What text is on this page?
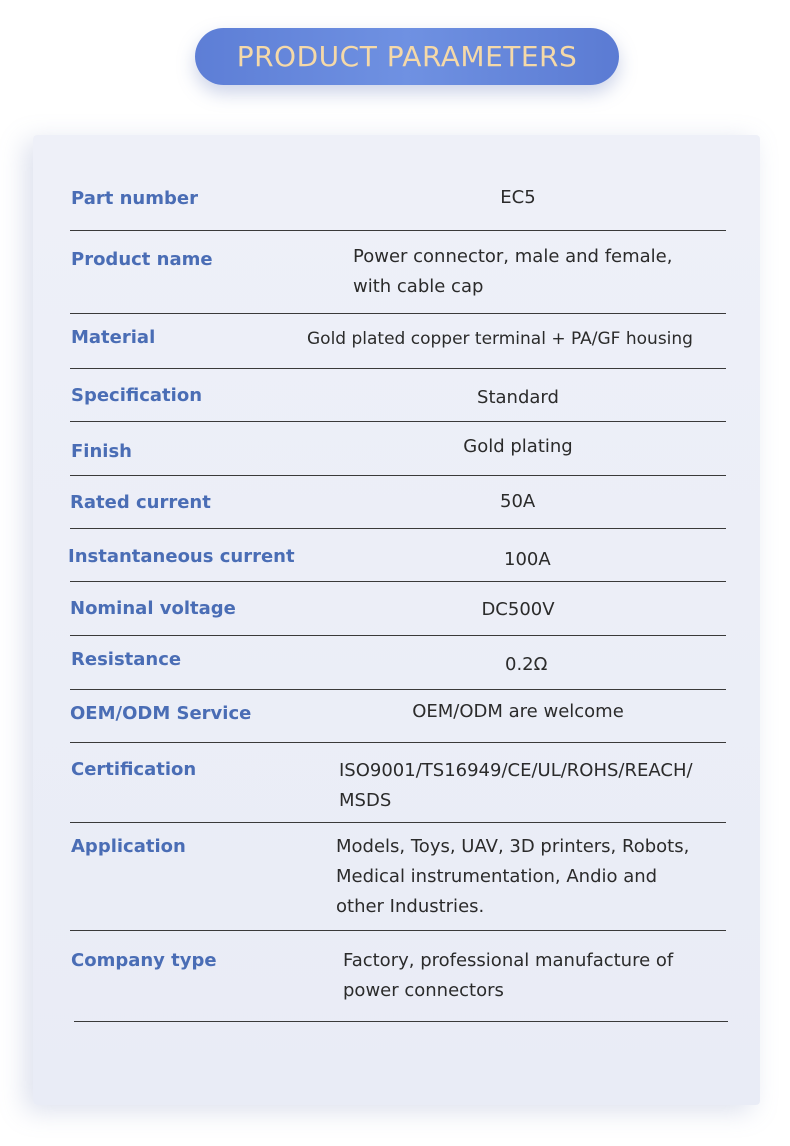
PRODUCT PARAMETERS
Part number	EC5
Product name	Power connector, male and female,
with cable cap
Material	Gold plated copper terminal + PA/GF housing
Specification	Standard
Finish	Gold plating
Rated current	50A
Instantaneous current	100A
Nominal voltage	DC500V
Resistance	0.2Ω
OEM/ODM Service	OEM/ODM are welcome
Certification	ISO9001/TS16949/CE/UL/ROHS/REACH/
MSDS
Application	Models, Toys, UAV, 3D printers, Robots,
Medical instrumentation, Andio and
other Industries.
Company type	Factory, professional manufacture of
power connectors
